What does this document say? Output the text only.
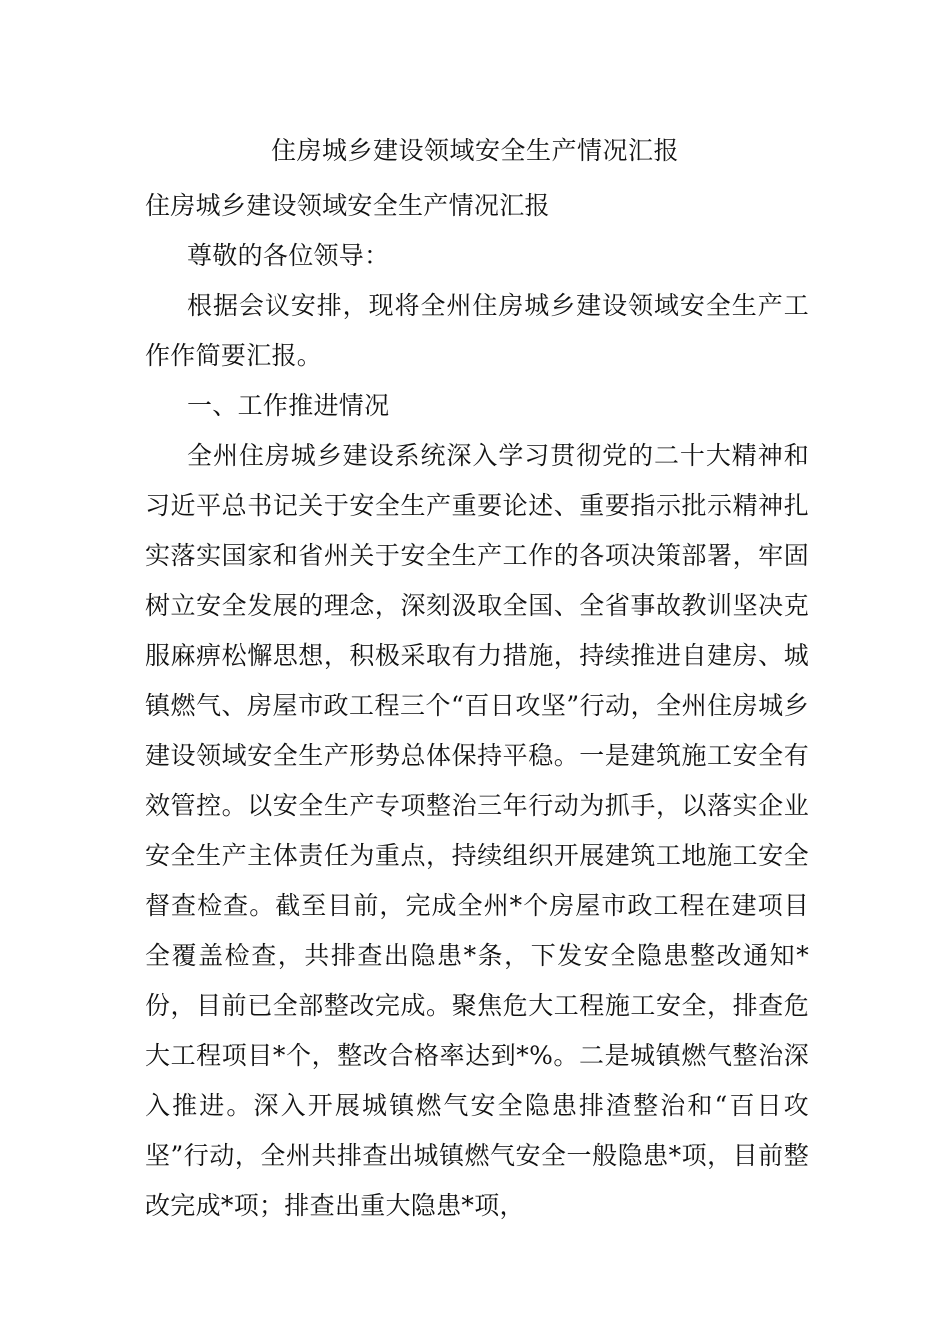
住房城乡建设领域安全生产情况汇报

住房城乡建设领域安全生产情况汇报

尊敬的各位领导：

根据会议安排，现将全州住房城乡建设领域安全生产工作作简要汇报。

一、工作推进情况

全州住房城乡建设系统深入学习贯彻党的二十大精神和习近平总书记关于安全生产重要论述、重要指示批示精神扎实落实国家和省州关于安全生产工作的各项决策部署，牢固树立安全发展的理念，深刻汲取全国、全省事故教训坚决克服麻痹松懈思想，积极采取有力措施，持续推进自建房、城镇燃气、房屋市政工程三个“百日攻坚”行动，全州住房城乡建设领域安全生产形势总体保持平稳。一是建筑施工安全有效管控。以安全生产专项整治三年行动为抓手，以落实企业安全生产主体责任为重点，持续组织开展建筑工地施工安全督查检查。截至目前，完成全州*个房屋市政工程在建项目全覆盖检查，共排查出隐患*条，下发安全隐患整改通知*份，目前已全部整改完成。聚焦危大工程施工安全，排查危大工程项目*个，整改合格率达到*%。二是城镇燃气整治深入推进。深入开展城镇燃气安全隐患排渣整治和“百日攻坚”行动，全州共排查出城镇燃气安全一般隐患*项，目前整改完成*项；排查出重大隐患*项，
